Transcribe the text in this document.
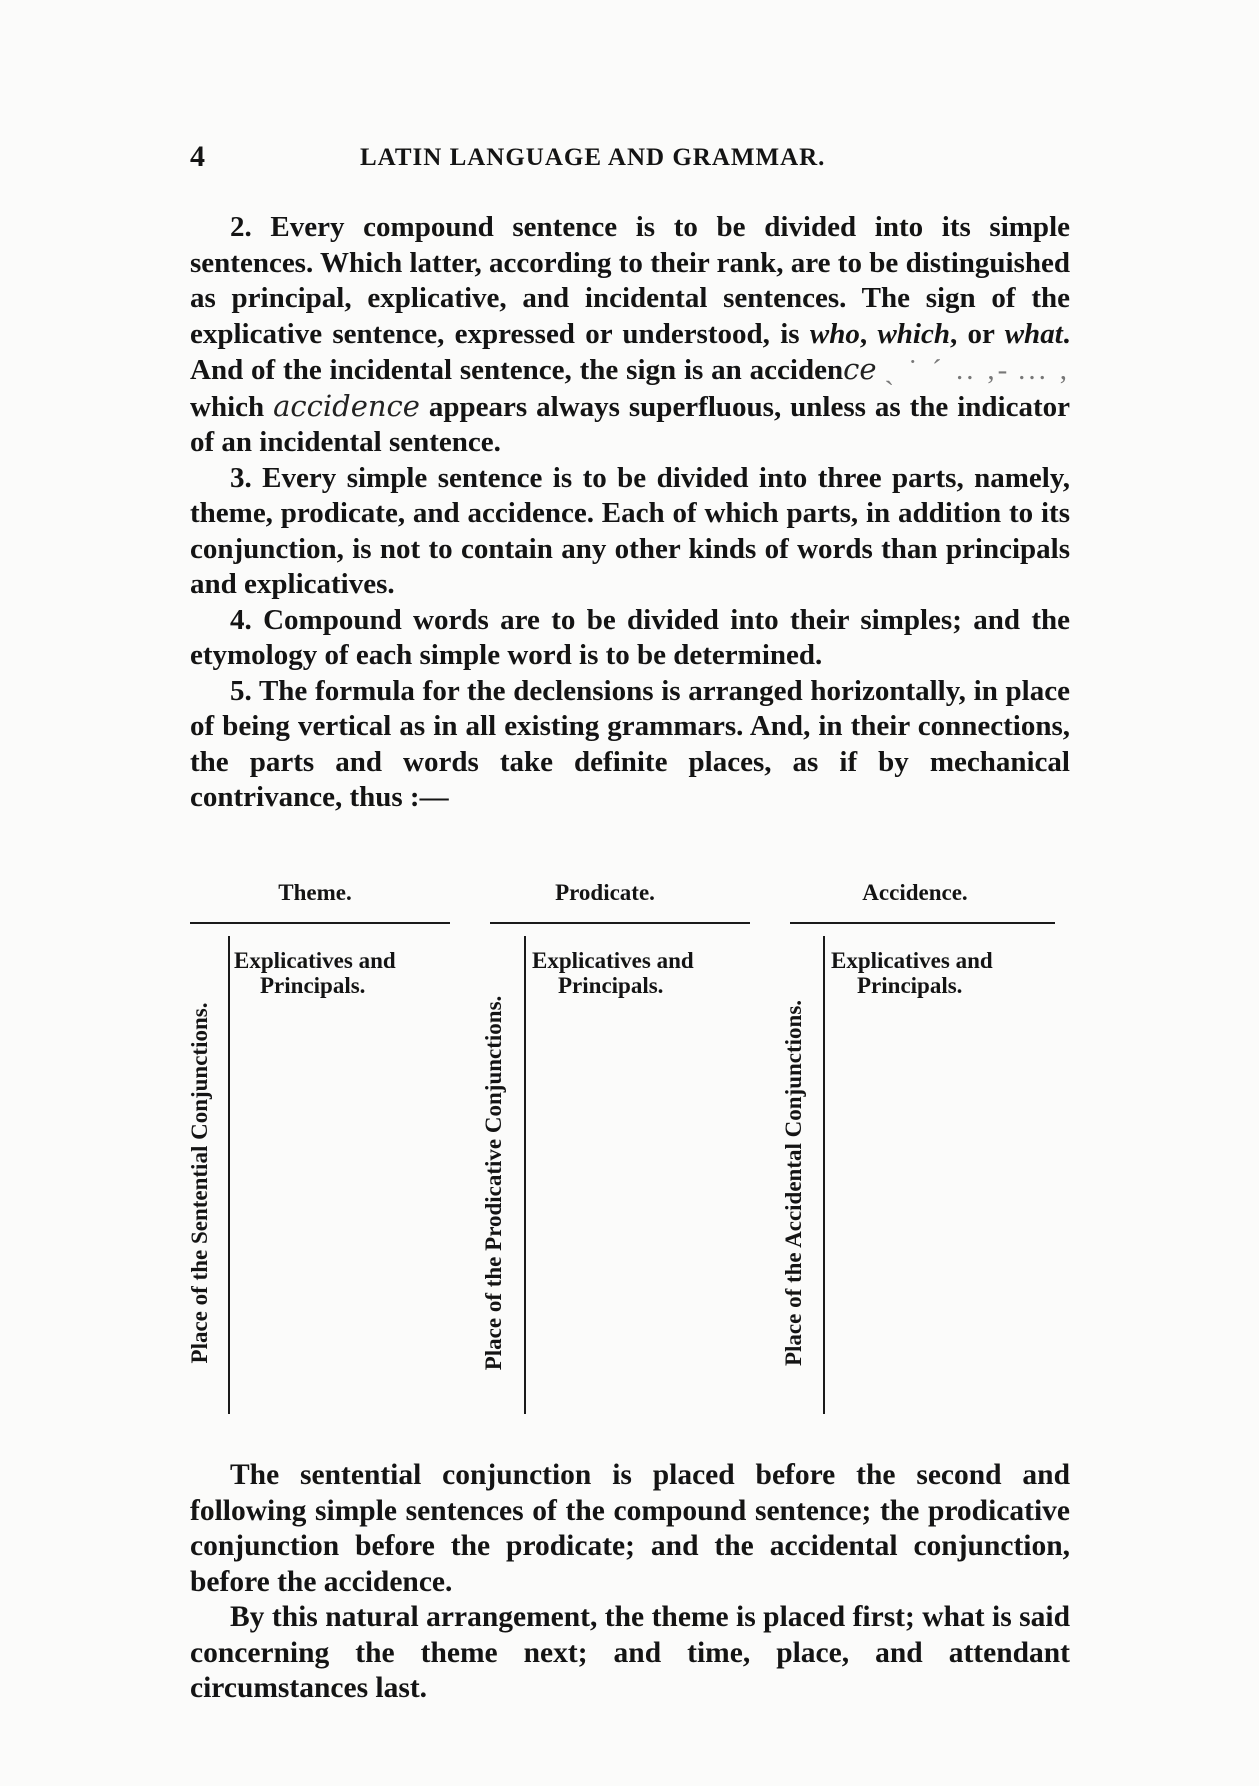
4	LATIN LANGUAGE AND GRAMMAR.

2. Every compound sentence is to be divided into its simple sentences. Which latter, according to their rank, are to be distinguished as principal, explicative, and incidental sentences. The sign of the explicative sentence, expressed or understood, is who, which, or what. And of the incidental sentence, the sign is an accidence ˏ ˙ ˊ .. ,- ... , which accidence appears always superfluous, unless as the indicator of an incidental sentence.

3. Every simple sentence is to be divided into three parts, namely, theme, prodicate, and accidence. Each of which parts, in addition to its conjunction, is not to contain any other kinds of words than principals and explicatives.

4. Compound words are to be divided into their simples; and the etymology of each simple word is to be determined.

5. The formula for the declensions is arranged horizontally, in place of being vertical as in all existing grammars. And, in their connections, the parts and words take definite places, as if by mechanical contrivance, thus :—

Theme.
Place of the Sentential Conjunctions.
Explicatives and
Principals.
Prodicate.
Place of the Prodicative Conjunctions.
Explicatives and
Principals.
Accidence.
Place of the Accidental Conjunctions.
Explicatives and
Principals.

The sentential conjunction is placed before the second and following simple sentences of the compound sentence; the prodicative conjunction before the prodicate; and the accidental conjunction, before the accidence.

By this natural arrangement, the theme is placed first; what is said concerning the theme next; and time, place, and attendant circumstances last.
